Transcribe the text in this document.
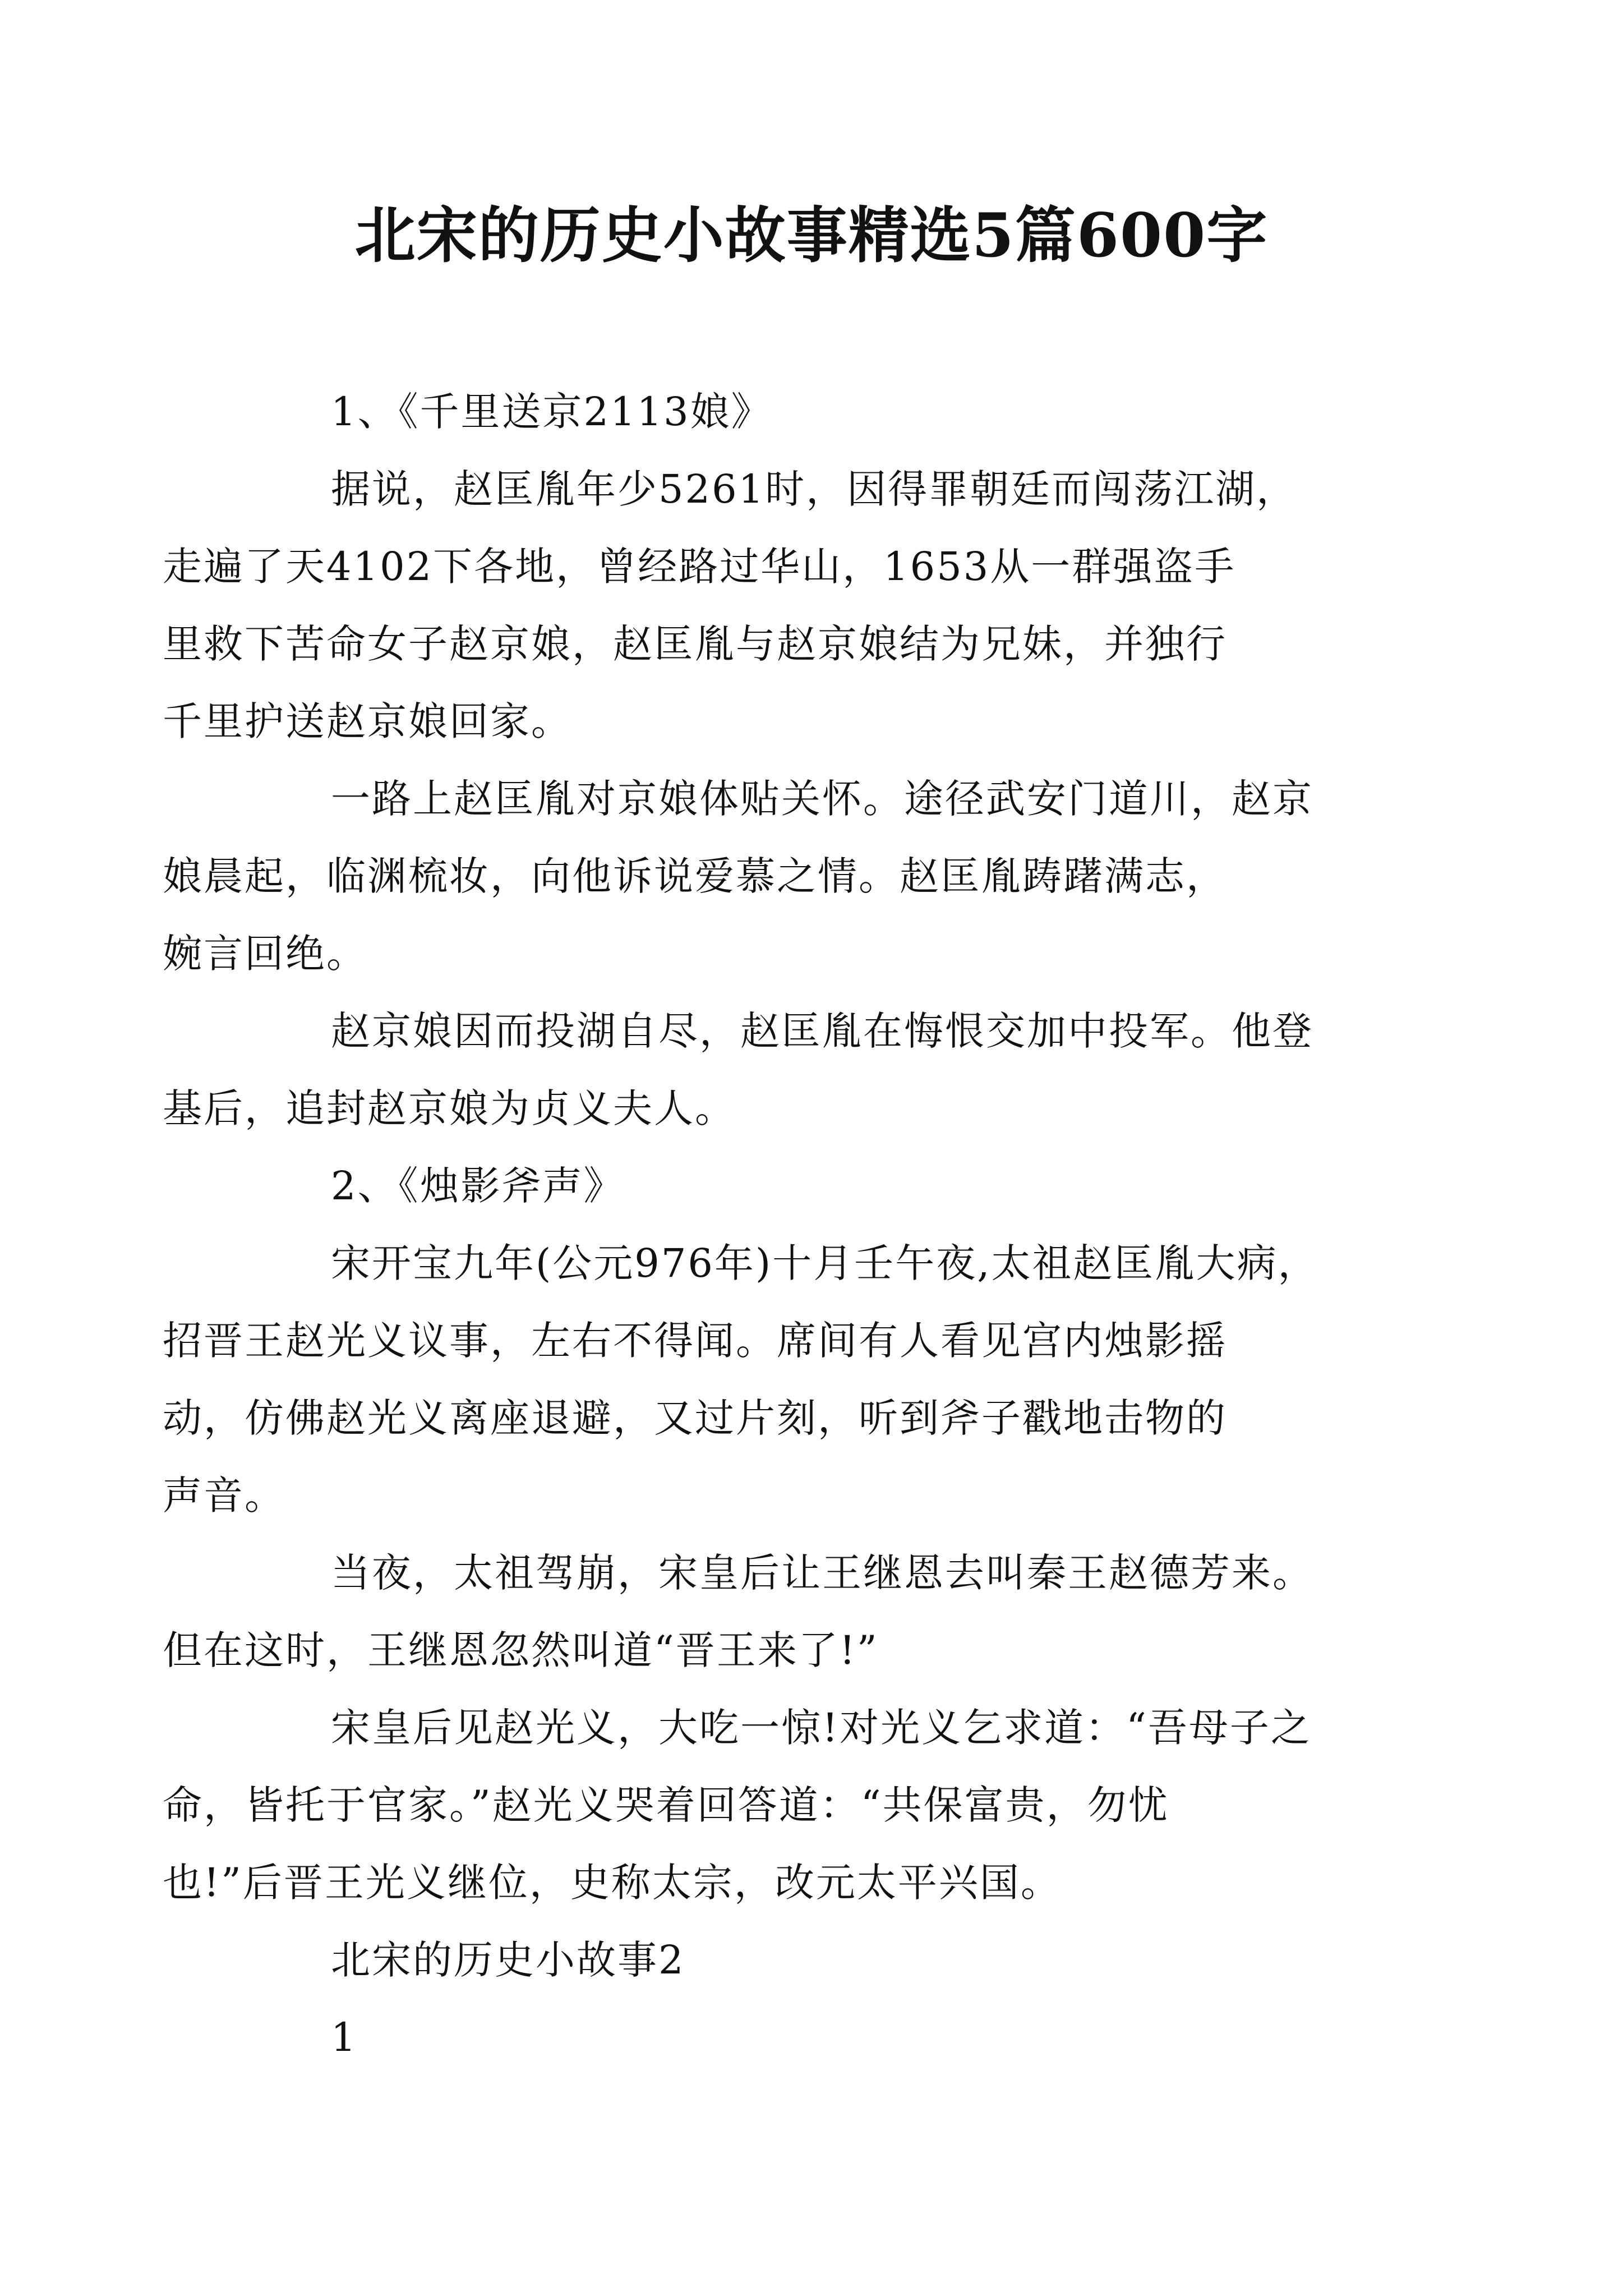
北宋的历史小故事精选5篇600字

1、《千里送京2113娘》

据说，赵匡胤年少5261时，因得罪朝廷而闯荡江湖，
走遍了天4102下各地，曾经路过华山，1653从一群强盗手
里救下苦命女子赵京娘，赵匡胤与赵京娘结为兄妹，并独行
千里护送赵京娘回家。

一路上赵匡胤对京娘体贴关怀。途径武安门道川，赵京
娘晨起，临渊梳妆，向他诉说爱慕之情。赵匡胤踌躇满志，
婉言回绝。

赵京娘因而投湖自尽，赵匡胤在悔恨交加中投军。他登
基后，追封赵京娘为贞义夫人。

2、《烛影斧声》

宋开宝九年(公元976年)十月壬午夜,太祖赵匡胤大病，
招晋王赵光义议事，左右不得闻。席间有人看见宫内烛影摇
动，仿佛赵光义离座退避，又过片刻，听到斧子戳地击物的
声音。

当夜，太祖驾崩，宋皇后让王继恩去叫秦王赵德芳来。
但在这时，王继恩忽然叫道“晋王来了!”

宋皇后见赵光义，大吃一惊!对光义乞求道：“吾母子之
命，皆托于官家。”赵光义哭着回答道：“共保富贵，勿忧
也!”后晋王光义继位，史称太宗，改元太平兴国。

北宋的历史小故事2

1
